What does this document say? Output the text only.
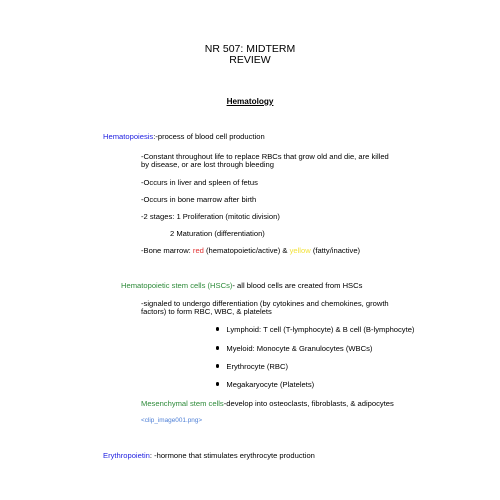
NR 507: MIDTERM
REVIEW
Hematology
Hematopoiesis:-process of blood cell production
-Constant throughout life to replace RBCs that grow old and die, are killed
by disease, or are lost through bleeding
-Occurs in liver and spleen of fetus
-Occurs in bone marrow after birth
-2 stages: 1 Proliferation (mitotic division)
2 Maturation (differentiation)
-Bone marrow: red (hematopoietic/active) & yellow (fatty/inactive)
Hematopoietic stem cells (HSCs)- all blood cells are created from HSCs
-signaled to undergo differentiation (by cytokines and chemokines, growth
factors) to form RBC, WBC, & platelets
Lymphoid: T cell (T-lymphocyte) & B cell (B-lymphocyte)
Myeloid: Monocyte & Granulocytes (WBCs)
Erythrocyte (RBC)
Megakaryocyte (Platelets)
Mesenchymal stem cells-develop into osteoclasts, fibroblasts, & adipocytes
<clip_image001.png>
Erythropoietin: -hormone that stimulates erythrocyte production
